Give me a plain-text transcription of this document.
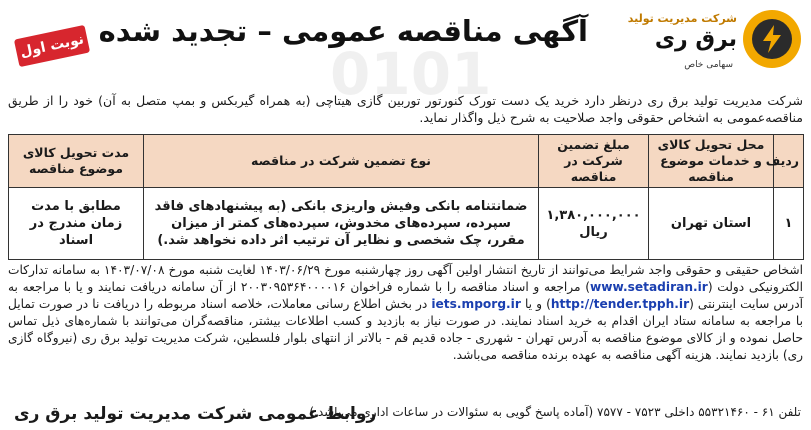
شرکت مدیریت تولید
برق ری سهامی خاص
آگهی مناقصه عمومی – تجدید شده
نوبت اول	0101

شرکت مدیریت تولید برق ری درنظر دارد خرید یک دست تورک کنورتور توربین گازی هیتاچی (به همراه گیربکس و بمپ متصل به آن) خود را از طریق مناقصه‌عمومی به اشخاص حقوقی واجد صلاحیت به شرح ذیل واگذار نماید.

ردیف	محل تحویل کالای و خدمات موضوع مناقصه	مبلغ تضمین شرکت در مناقصه	نوع تضمین شرکت در مناقصه	مدت تحویل کالای موضوع مناقصه
۱	استان تهران	۱,۳۸۰,۰۰۰,۰۰۰ ریال	ضمانتنامه بانکی وفیش واریزی بانکی (به پیشنهادهای فاقد سپرده، سپرده‌های مخدوش، سپرده‌های کمتر از میزان مقرر، چک شخصی و نظایر آن ترتیب اثر داده نخواهد شد.)	مطابق با مدت زمان مندرج در اسناد

اشخاص حقیقی و حقوقی واجد شرایط می‌توانند از تاریخ انتشار اولین آگهی روز چهارشنبه مورخ ۱۴۰۳/۰۶/۲۹ لغایت شنبه مورخ ۱۴۰۳/۰۷/۰۸ به سامانه تدارکات الکترونیکی دولت (www.setadiran.ir) مراجعه و اسناد مناقصه را با شماره فراخوان ۲۰۰۳۰۹۵۳۶۴۰۰۰۰۱۶ از آن سامانه دریافت نمایند و یا با مراجعه به آدرس سایت اینترنتی (http://tender.tpph.ir) و یا iets.mporg.ir در بخش اطلاع رسانی معاملات، خلاصه اسناد مربوطه را دریافت نا در صورت تمایل با مراجعه به سامانه ستاد ایران اقدام به خرید اسناد نمایند. در صورت نیاز به بازدید و کسب اطلاعات بیشتر، مناقصه‌گران می‌توانند با شماره‌های ذیل تماس حاصل نموده و از کالای موضوع مناقصه به آدرس تهران - شهرری - جاده قدیم قم - بالاتر از انتهای بلوار فلسطین، شرکت مدیریت تولید برق ری (نیروگاه گازی ری) بازدید نمایند. هزینه آگهی مناقصه به عهده برنده مناقصه می‌باشد.

تلفن ۶۱ - ۵۵۳۲۱۴۶۰ داخلی ۷۵۲۳ - ۷۵۷۷ (آماده پاسخ گویی به سئوالات در ساعات اداری می‌باشد.)
روابط عمومی شرکت مدیریت تولید برق ری
